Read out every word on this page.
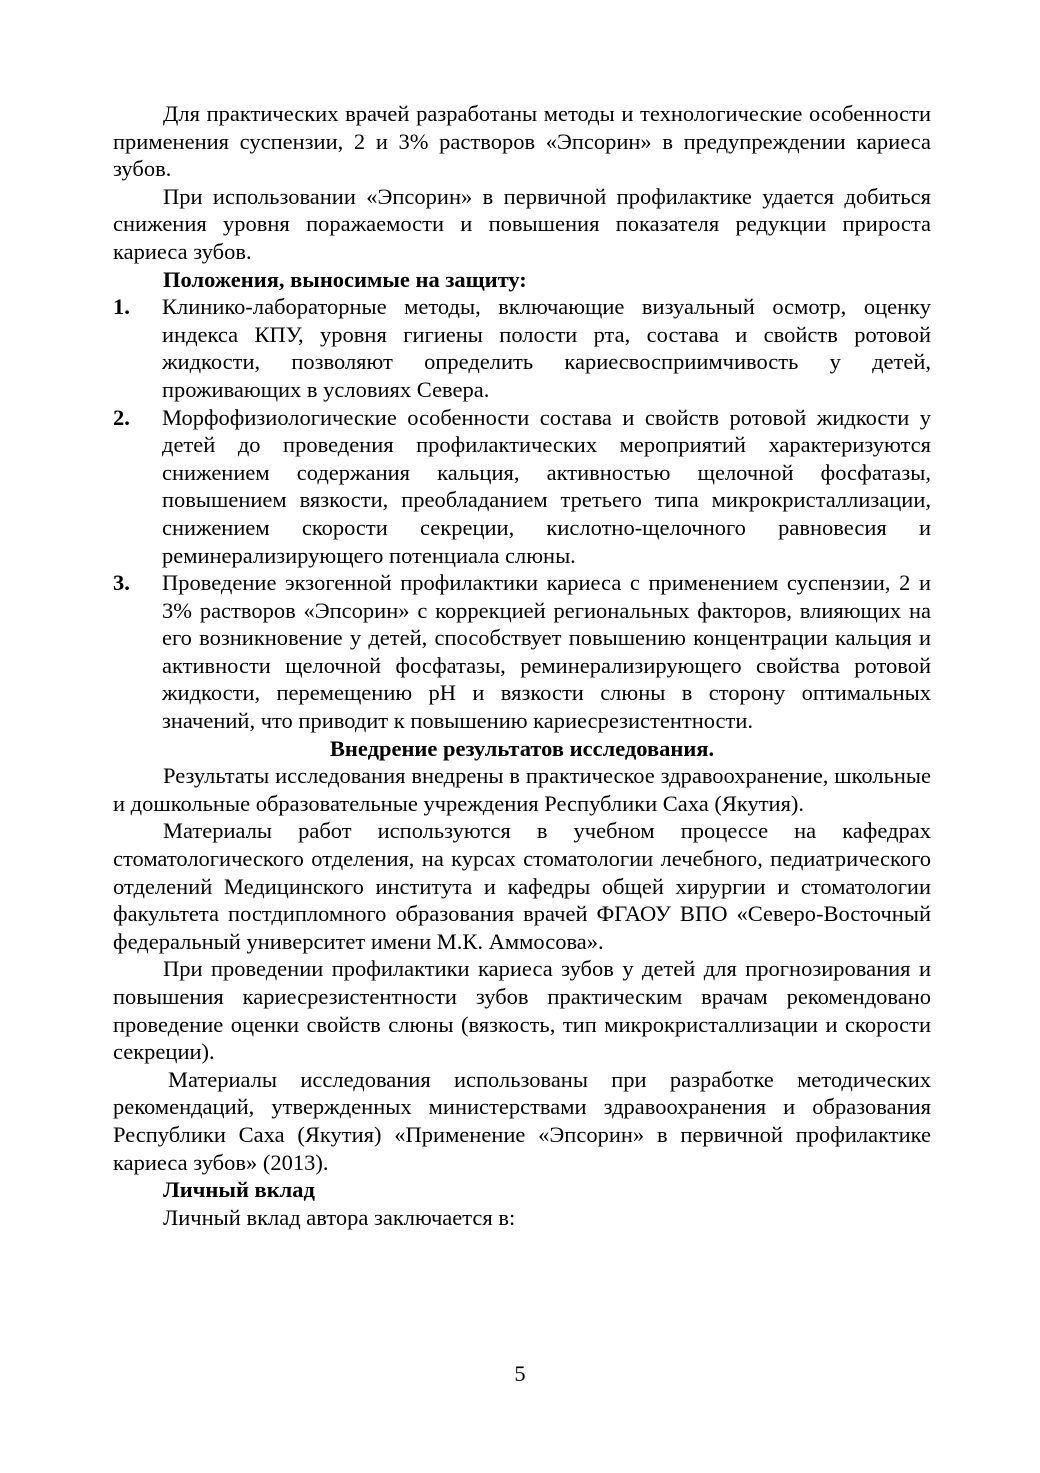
Для практических врачей разработаны методы и технологические особенности применения суспензии, 2 и 3% растворов «Эпсорин» в предупреждении кариеса зубов.

При использовании «Эпсорин» в первичной профилактике удается добиться снижения уровня поражаемости и повышения показателя редукции прироста кариеса зубов.

Положения, выносимые на защиту:

1.	Клинико-лабораторные методы, включающие визуальный осмотр, оценку индекса КПУ, уровня гигиены полости рта, состава и свойств ротовой жидкости, позволяют определить кариесвосприимчивость у детей, проживающих в условиях Севера.
2.	Морфофизиологические особенности состава и свойств ротовой жидкости у детей до проведения профилактических мероприятий характеризуются снижением содержания кальция, активностью щелочной фосфатазы, повышением вязкости, преобладанием третьего типа микрокристаллизации, снижением скорости секреции, кислотно-щелочного равновесия и реминерализирующего потенциала слюны.
3.	Проведение экзогенной профилактики кариеса с применением суспензии, 2 и 3% растворов «Эпсорин» с коррекцией региональных факторов, влияющих на его возникновение у детей, способствует повышению концентрации кальция и активности щелочной фосфатазы, реминерализирующего свойства ротовой жидкости, перемещению рН и вязкости слюны в сторону оптимальных значений, что приводит к повышению кариесрезистентности.

Внедрение результатов исследования.

Результаты исследования внедрены в практическое здравоохранение, школьные и дошкольные образовательные учреждения Республики Саха (Якутия).

Материалы работ используются в учебном процессе на кафедрах стоматологического отделения, на курсах стоматологии лечебного, педиатрического отделений Медицинского института и кафедры общей хирургии и стоматологии факультета постдипломного образования врачей ФГАОУ ВПО «Северо-Восточный федеральный университет имени М.К. Аммосова».

При проведении профилактики кариеса зубов у детей для прогнозирования и повышения кариесрезистентности зубов практическим врачам рекомендовано проведение оценки свойств слюны (вязкость, тип микрокристаллизации и скорости секреции).

Материалы исследования использованы при разработке методических рекомендаций, утвержденных министерствами здравоохранения и образования Республики Саха (Якутия) «Применение «Эпсорин» в первичной профилактике кариеса зубов» (2013).

Личный вклад

Личный вклад автора заключается в:

5
